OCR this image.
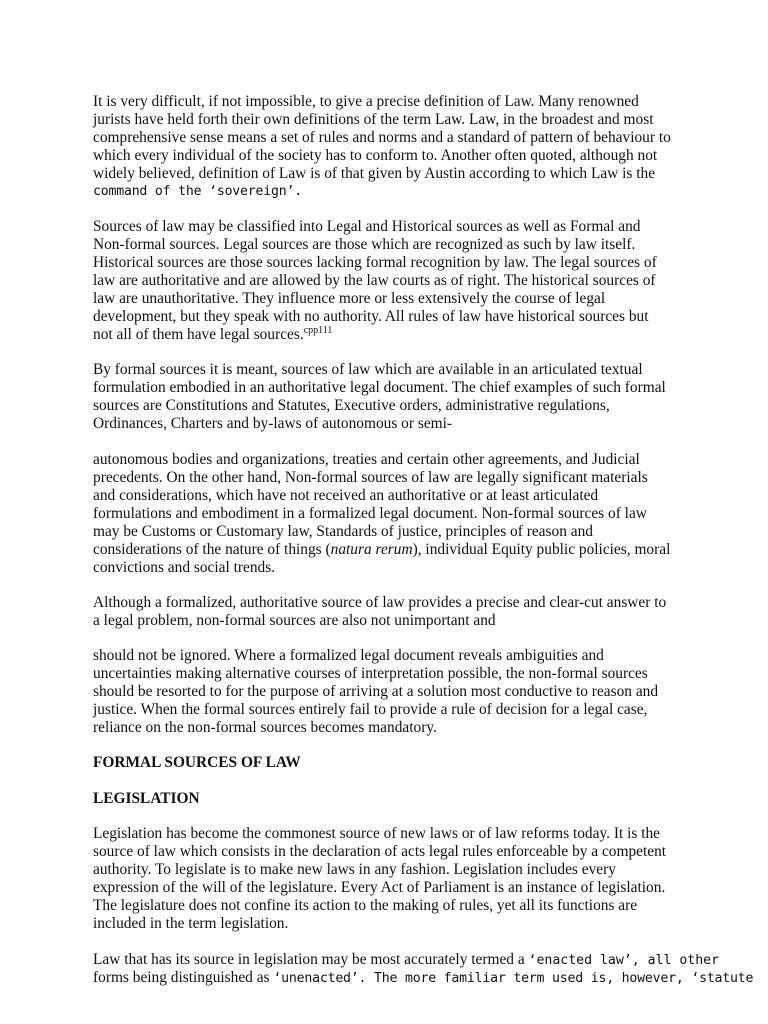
It is very difficult, if not impossible, to give a precise definition of Law. Many renowned
jurists have held forth their own definitions of the term Law. Law, in the broadest and most
comprehensive sense means a set of rules and norms and a standard of pattern of behaviour to
which every individual of the society has to conform to. Another often quoted, although not
widely believed, definition of Law is of that given by Austin according to which Law is the
command of the ‘sovereign’.
Sources of law may be classified into Legal and Historical sources as well as Formal and
Non-formal sources. Legal sources are those which are recognized as such by law itself.
Historical sources are those sources lacking formal recognition by law. The legal sources of
law are authoritative and are allowed by the law courts as of right. The historical sources of
law are unauthoritative. They influence more or less extensively the course of legal
development, but they speak with no authority. All rules of law have historical sources but
not all of them have legal sources.$^{cpp111}$
By formal sources it is meant, sources of law which are available in an articulated textual
formulation embodied in an authoritative legal document. The chief examples of such formal
sources are Constitutions and Statutes, Executive orders, administrative regulations,
Ordinances, Charters and by-laws of autonomous or semi-
autonomous bodies and organizations, treaties and certain other agreements, and Judicial
precedents. On the other hand, Non-formal sources of law are legally significant materials
and considerations, which have not received an authoritative or at least articulated
formulations and embodiment in a formalized legal document. Non-formal sources of law
may be Customs or Customary law, Standards of justice, principles of reason and
considerations of the nature of things (natura rerum), individual Equity public policies, moral
convictions and social trends.
Although a formalized, authoritative source of law provides a precise and clear-cut answer to
a legal problem, non-formal sources are also not unimportant and
should not be ignored. Where a formalized legal document reveals ambiguities and
uncertainties making alternative courses of interpretation possible, the non-formal sources
should be resorted to for the purpose of arriving at a solution most conductive to reason and
justice. When the formal sources entirely fail to provide a rule of decision for a legal case,
reliance on the non-formal sources becomes mandatory.
FORMAL SOURCES OF LAW
LEGISLATION
Legislation has become the commonest source of new laws or of law reforms today. It is the
source of law which consists in the declaration of acts legal rules enforceable by a competent
authority. To legislate is to make new laws in any fashion. Legislation includes every
expression of the will of the legislature. Every Act of Parliament is an instance of legislation.
The legislature does not confine its action to the making of rules, yet all its functions are
included in the term legislation.
Law that has its source in legislation may be most accurately termed a ‘enacted law’, all other
forms being distinguished as ‘unenacted’. The more familiar term used is, however, ‘statute
